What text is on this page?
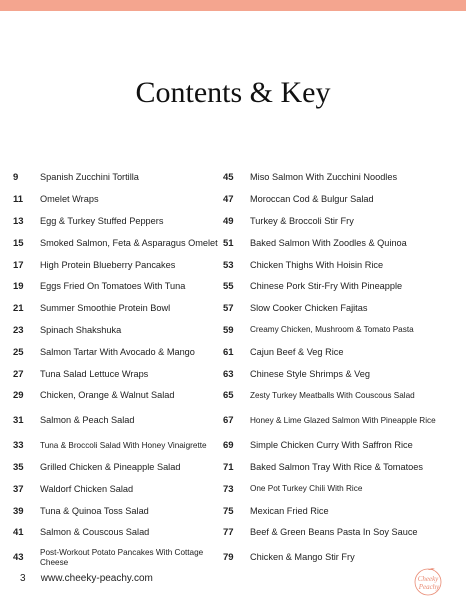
Contents & Key
9	Spanish Zucchini Tortilla
11	Omelet Wraps
13	Egg & Turkey Stuffed Peppers
15	Smoked Salmon, Feta & Asparagus Omelet
17	High Protein Blueberry Pancakes
19	Eggs Fried On Tomatoes With Tuna
21	Summer Smoothie Protein Bowl
23	Spinach Shakshuka
25	Salmon Tartar With Avocado & Mango
27	Tuna Salad Lettuce Wraps
29	Chicken, Orange & Walnut Salad
31	Salmon & Peach Salad
33	Tuna & Broccoli Salad With Honey Vinaigrette
35	Grilled Chicken & Pineapple Salad
37	Waldorf Chicken Salad
39	Tuna & Quinoa Toss Salad
41	Salmon & Couscous Salad
43	Post-Workout Potato Pancakes With Cottage Cheese
45	Miso Salmon With Zucchini Noodles
47	Moroccan Cod & Bulgur Salad
49	Turkey & Broccoli Stir Fry
51	Baked Salmon With Zoodles & Quinoa
53	Chicken Thighs With Hoisin Rice
55	Chinese Pork Stir-Fry With Pineapple
57	Slow Cooker Chicken Fajitas
59	Creamy Chicken, Mushroom & Tomato Pasta
61	Cajun Beef & Veg Rice
63	Chinese Style Shrimps & Veg
65	Zesty Turkey Meatballs With Couscous Salad
67	Honey & Lime Glazed Salmon With Pineapple Rice
69	Simple Chicken Curry With Saffron Rice
71	Baked Salmon Tray With Rice & Tomatoes
73	One Pot Turkey Chili With Rice
75	Mexican Fried Rice
77	Beef & Green Beans Pasta In Soy Sauce
79	Chicken & Mango Stir Fry
3 www.cheeky-peachy.com	Cheeky
Peachy
